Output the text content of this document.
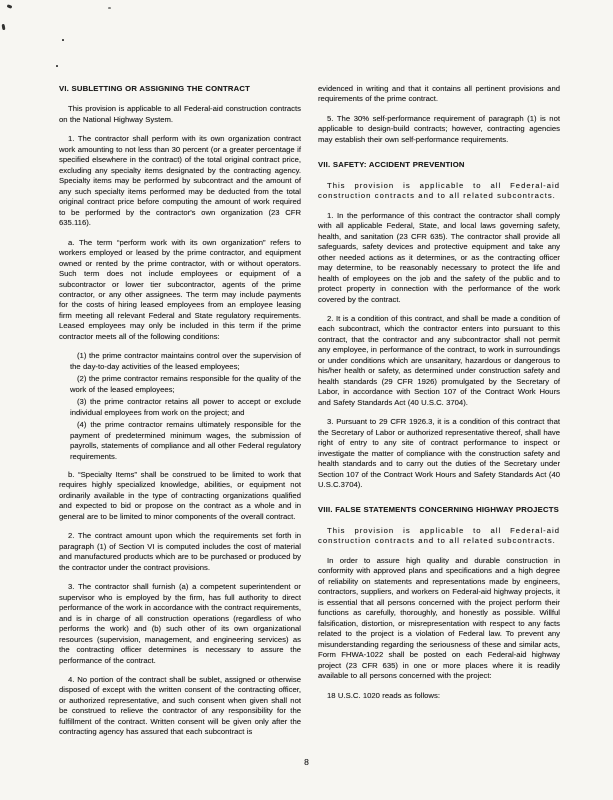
VI. SUBLETTING OR ASSIGNING THE CONTRACT
This provision is applicable to all Federal-aid construction contracts on the National Highway System.
1. The contractor shall perform with its own organization contract work amounting to not less than 30 percent (or a greater percentage if specified elsewhere in the contract) of the total original contract price, excluding any specialty items designated by the contracting agency. Specialty items may be performed by subcontract and the amount of any such specialty items performed may be deducted from the total original contract price before computing the amount of work required to be performed by the contractor's own organization (23 CFR 635.116).
a. The term “perform work with its own organization” refers to workers employed or leased by the prime contractor, and equipment owned or rented by the prime contractor, with or without operators. Such term does not include employees or equipment of a subcontractor or lower tier subcontractor, agents of the prime contractor, or any other assignees. The term may include payments for the costs of hiring leased employees from an employee leasing firm meeting all relevant Federal and State regulatory requirements. Leased employees may only be included in this term if the prime contractor meets all of the following conditions:
(1) the prime contractor maintains control over the supervision of the day-to-day activities of the leased employees;
(2) the prime contractor remains responsible for the quality of the work of the leased employees;
(3) the prime contractor retains all power to accept or exclude individual employees from work on the project; and
(4) the prime contractor remains ultimately responsible for the payment of predetermined minimum wages, the submission of payrolls, statements of compliance and all other Federal regulatory requirements.
b. “Specialty Items” shall be construed to be limited to work that requires highly specialized knowledge, abilities, or equipment not ordinarily available in the type of contracting organizations qualified and expected to bid or propose on the contract as a whole and in general are to be limited to minor components of the overall contract.
2. The contract amount upon which the requirements set forth in paragraph (1) of Section VI is computed includes the cost of material and manufactured products which are to be purchased or produced by the contractor under the contract provisions.
3. The contractor shall furnish (a) a competent superintendent or supervisor who is employed by the firm, has full authority to direct performance of the work in accordance with the contract requirements, and is in charge of all construction operations (regardless of who performs the work) and (b) such other of its own organizational resources (supervision, management, and engineering services) as the contracting officer determines is necessary to assure the performance of the contract.
4. No portion of the contract shall be sublet, assigned or otherwise disposed of except with the written consent of the contracting officer, or authorized representative, and such consent when given shall not be construed to relieve the contractor of any responsibility for the fulfillment of the contract. Written consent will be given only after the contracting agency has assured that each subcontract is
evidenced in writing and that it contains all pertinent provisions and requirements of the prime contract.
5. The 30% self-performance requirement of paragraph (1) is not applicable to design-build contracts; however, contracting agencies may establish their own self-performance requirements.
VII. SAFETY: ACCIDENT PREVENTION
This provision is applicable to all Federal-aid construction contracts and to all related subcontracts.
1. In the performance of this contract the contractor shall comply with all applicable Federal, State, and local laws governing safety, health, and sanitation (23 CFR 635). The contractor shall provide all safeguards, safety devices and protective equipment and take any other needed actions as it determines, or as the contracting officer may determine, to be reasonably necessary to protect the life and health of employees on the job and the safety of the public and to protect property in connection with the performance of the work covered by the contract.
2. It is a condition of this contract, and shall be made a condition of each subcontract, which the contractor enters into pursuant to this contract, that the contractor and any subcontractor shall not permit any employee, in performance of the contract, to work in surroundings or under conditions which are unsanitary, hazardous or dangerous to his/her health or safety, as determined under construction safety and health standards (29 CFR 1926) promulgated by the Secretary of Labor, in accordance with Section 107 of the Contract Work Hours and Safety Standards Act (40 U.S.C. 3704).
3. Pursuant to 29 CFR 1926.3, it is a condition of this contract that the Secretary of Labor or authorized representative thereof, shall have right of entry to any site of contract performance to inspect or investigate the matter of compliance with the construction safety and health standards and to carry out the duties of the Secretary under Section 107 of the Contract Work Hours and Safety Standards Act (40 U.S.C.3704).
VIII. FALSE STATEMENTS CONCERNING HIGHWAY PROJECTS
This provision is applicable to all Federal-aid construction contracts and to all related subcontracts.
In order to assure high quality and durable construction in conformity with approved plans and specifications and a high degree of reliability on statements and representations made by engineers, contractors, suppliers, and workers on Federal-aid highway projects, it is essential that all persons concerned with the project perform their functions as carefully, thoroughly, and honestly as possible. Willful falsification, distortion, or misrepresentation with respect to any facts related to the project is a violation of Federal law. To prevent any misunderstanding regarding the seriousness of these and similar acts, Form FHWA-1022 shall be posted on each Federal-aid highway project (23 CFR 635) in one or more places where it is readily available to all persons concerned with the project:
18 U.S.C. 1020 reads as follows:
8
